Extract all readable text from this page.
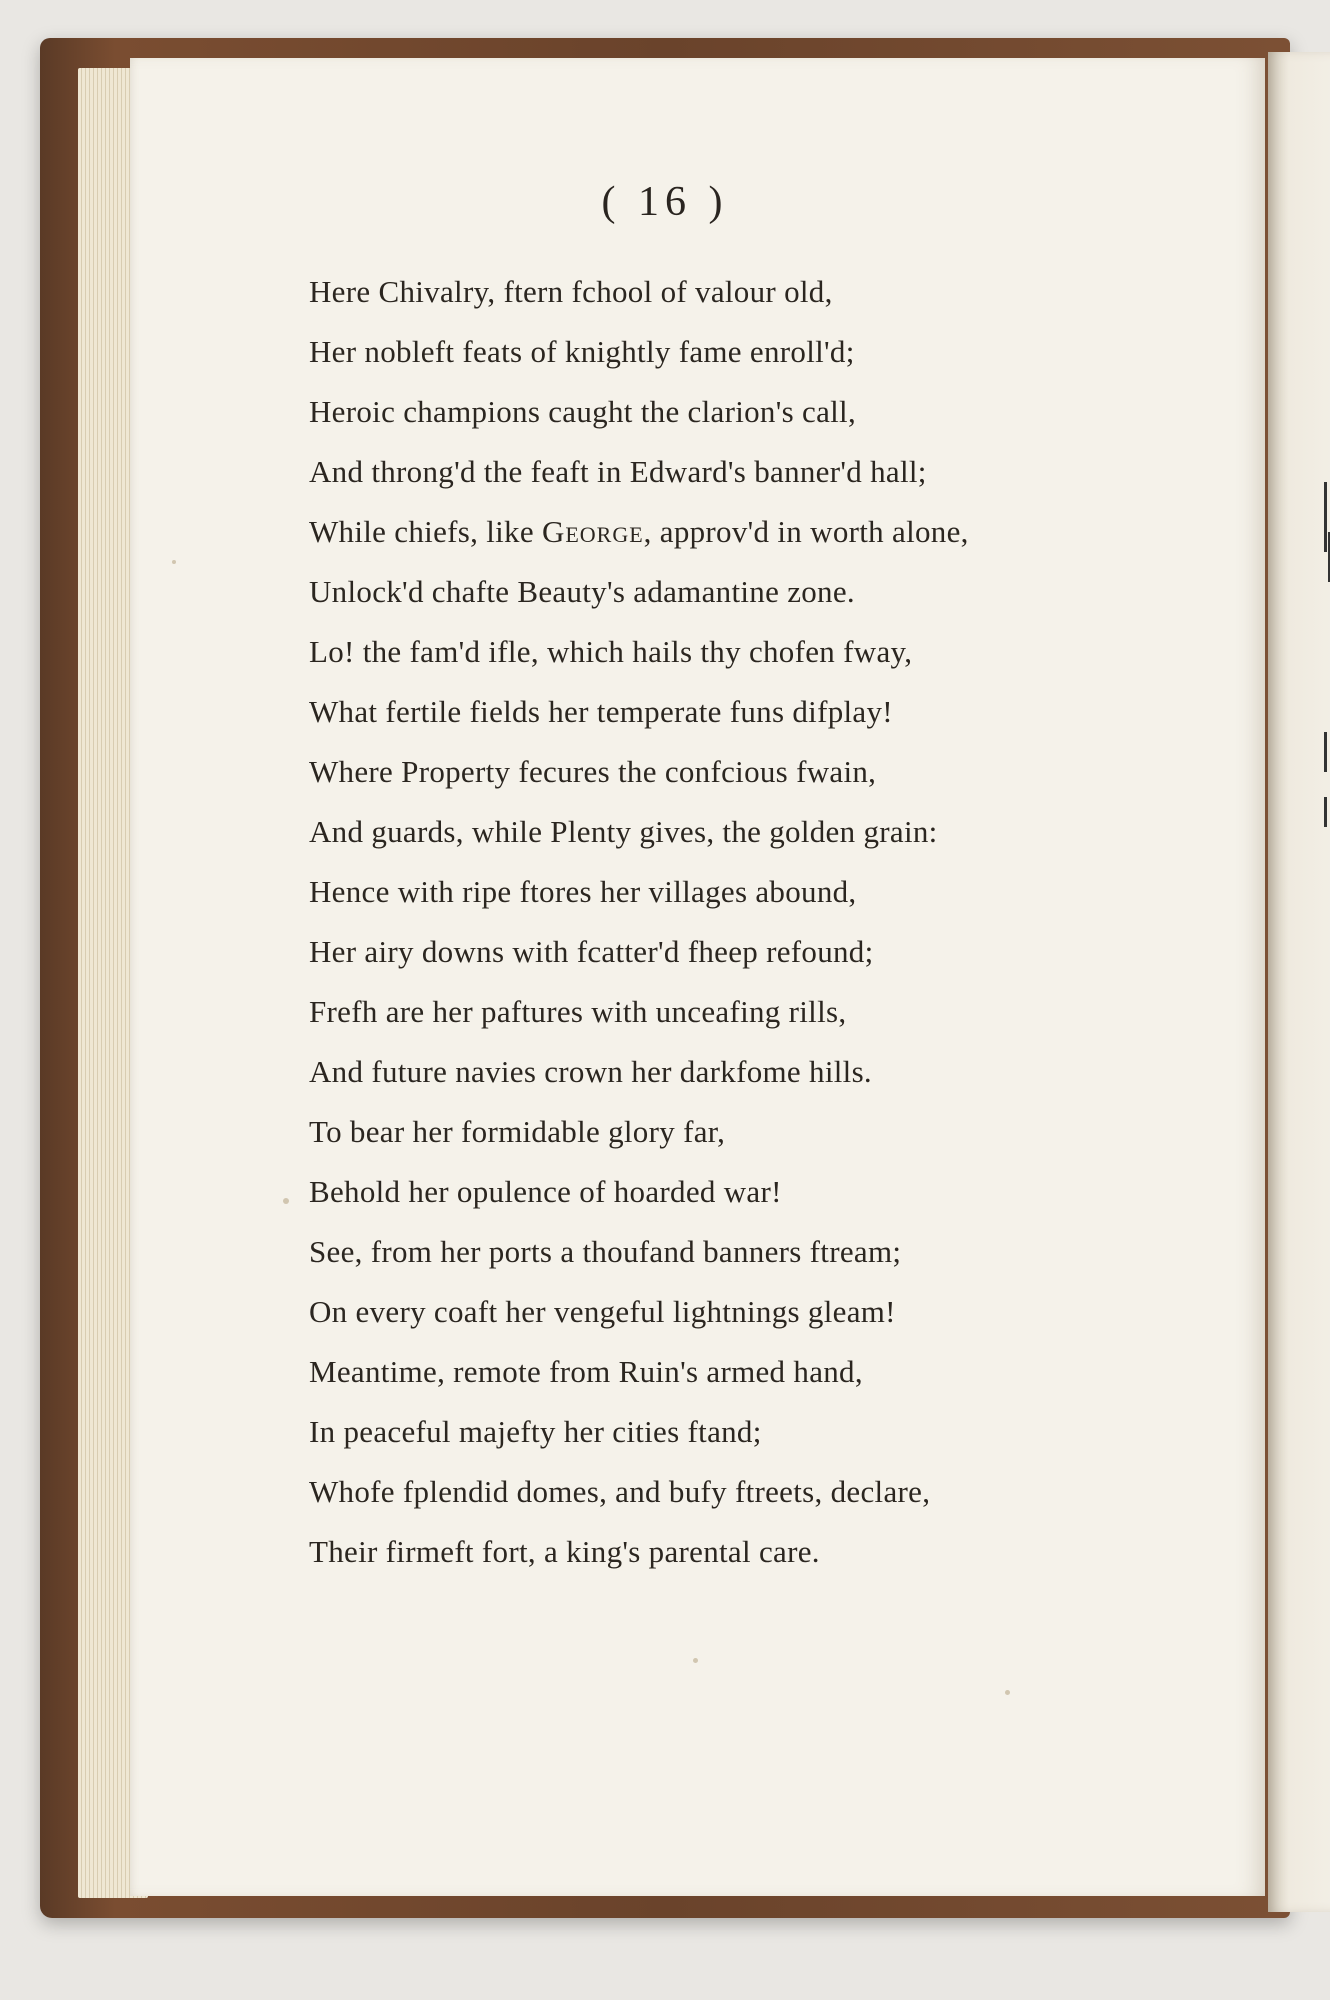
( 16 )
Here Chivalry, ftern fchool of valour old,
Her nobleft feats of knightly fame enroll'd;
Heroic champions caught the clarion's call,
And throng'd the feaft in Edward's banner'd hall;
While chiefs, like George, approv'd in worth alone,
Unlock'd chafte Beauty's adamantine zone.
Lo! the fam'd ifle, which hails thy chofen fway,
What fertile fields her temperate funs difplay!
Where Property fecures the confcious fwain,
And guards, while Plenty gives, the golden grain:
Hence with ripe ftores her villages abound,
Her airy downs with fcatter'd fheep refound;
Frefh are her paftures with unceafing rills,
And future navies crown her darkfome hills.
To bear her formidable glory far,
Behold her opulence of hoarded war!
See, from her ports a thoufand banners ftream;
On every coaft her vengeful lightnings gleam!
Meantime, remote from Ruin's armed hand,
In peaceful majefty her cities ftand;
Whofe fplendid domes, and bufy ftreets, declare,
Their firmeft fort, a king's parental care.
